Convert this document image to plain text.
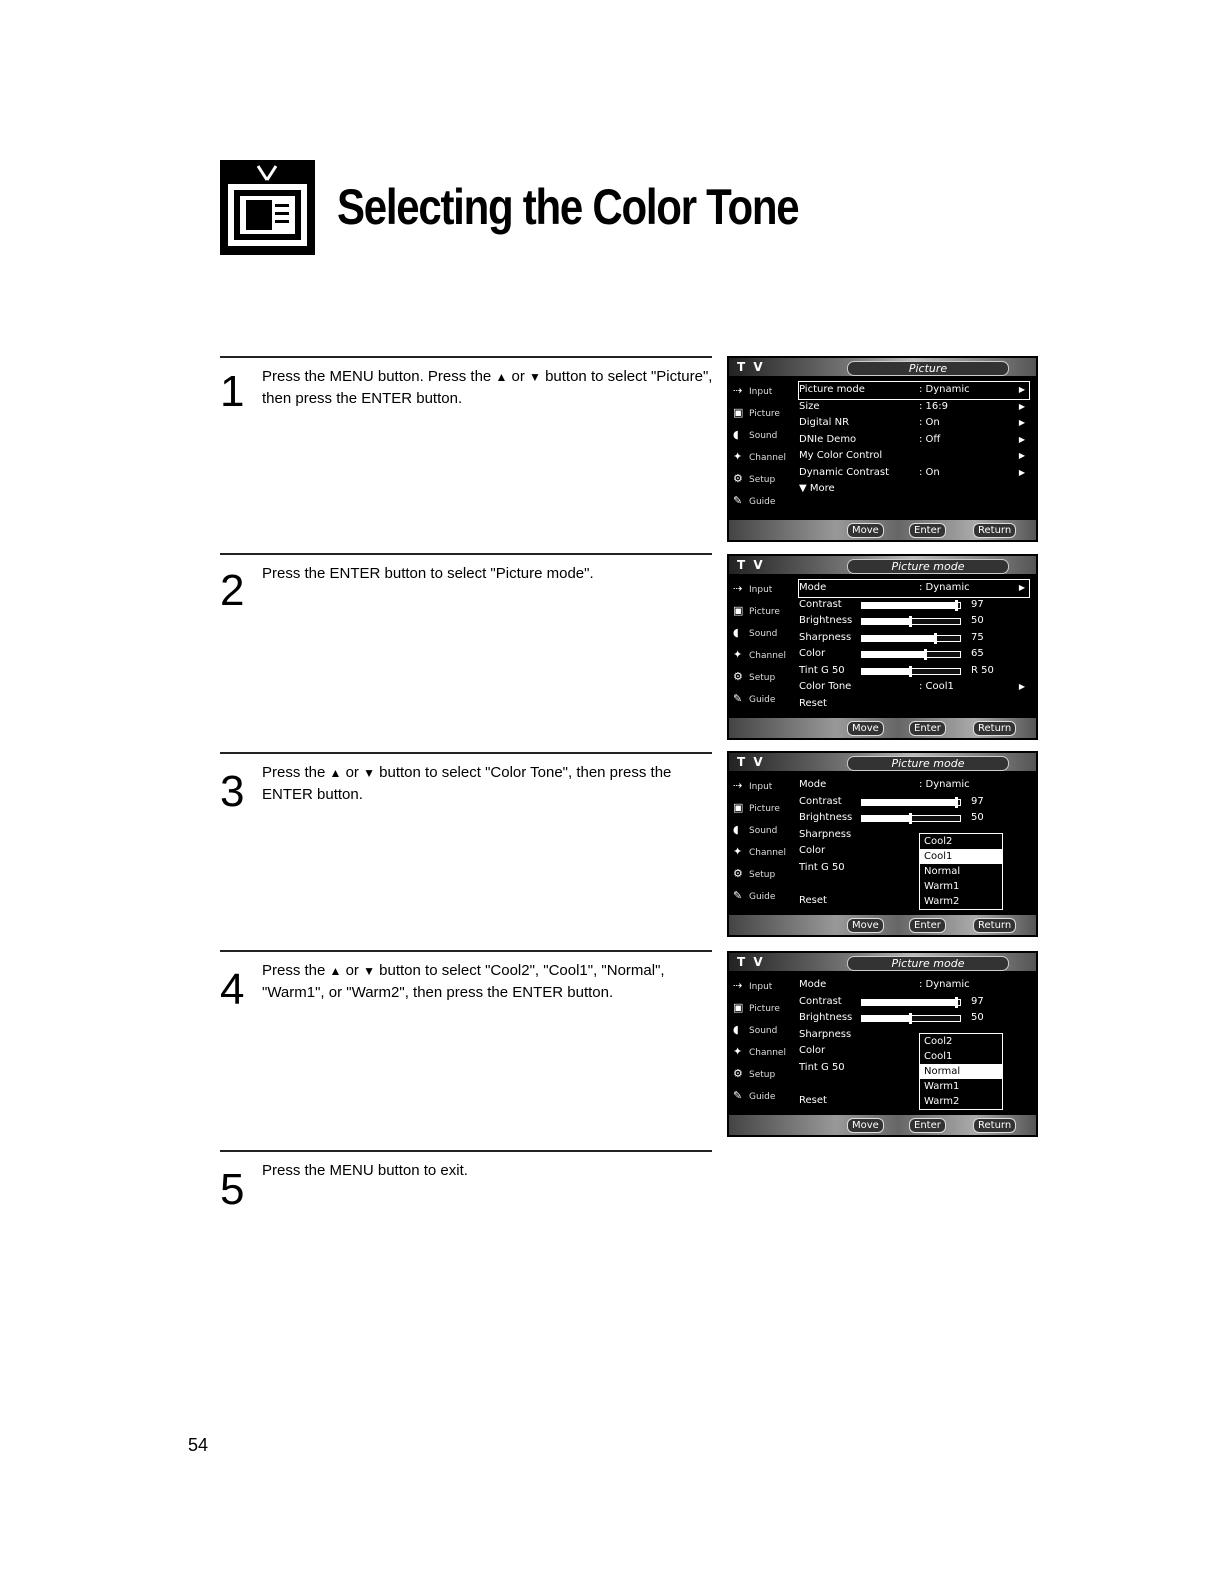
Selecting the Color Tone
1 Press the MENU button. Press the ▲ or ▼ button to select "Picture", then press the ENTER button.
2 Press the ENTER button to select "Picture mode".
3 Press the ▲ or ▼ button to select "Color Tone", then press the ENTER button.
4 Press the ▲ or ▼ button to select "Cool2", "Cool1", "Normal", "Warm1", or "Warm2", then press the ENTER button.
5 Press the MENU button to exit.
T V	Picture
⇢ Input
▣ Picture
◖ Sound
✦ Channel
⚙ Setup
✎ Guide
Picture mode	: Dynamic	▶
Size	: 16:9	▶
Digital NR	: On	▶
DNIe Demo	: Off	▶
My Color Control	▶
Dynamic Contrast	: On	▶
▼ More
Move	Enter	Return
T V	Picture mode
⇢ Input
▣ Picture
◖ Sound
✦ Channel
⚙ Setup
✎ Guide
Mode	: Dynamic	▶
Contrast	97
Brightness	50
Sharpness	75
Color	65
Tint G 50	R 50
Color Tone	: Cool1	▶
Reset
Move	Enter	Return
T V	Picture mode
⇢ Input
▣ Picture
◖ Sound
✦ Channel
⚙ Setup
✎ Guide
Mode	: Dynamic
Contrast	97
Brightness	50
Sharpness
Color
Tint G 50
Reset
Cool2
Cool1
Normal
Warm1
Warm2
Move	Enter	Return
T V	Picture mode
⇢ Input
▣ Picture
◖ Sound
✦ Channel
⚙ Setup
✎ Guide
Mode	: Dynamic
Contrast	97
Brightness	50
Sharpness
Color
Tint G 50
Reset
Cool2
Cool1
Normal
Warm1
Warm2
Move	Enter	Return
54
